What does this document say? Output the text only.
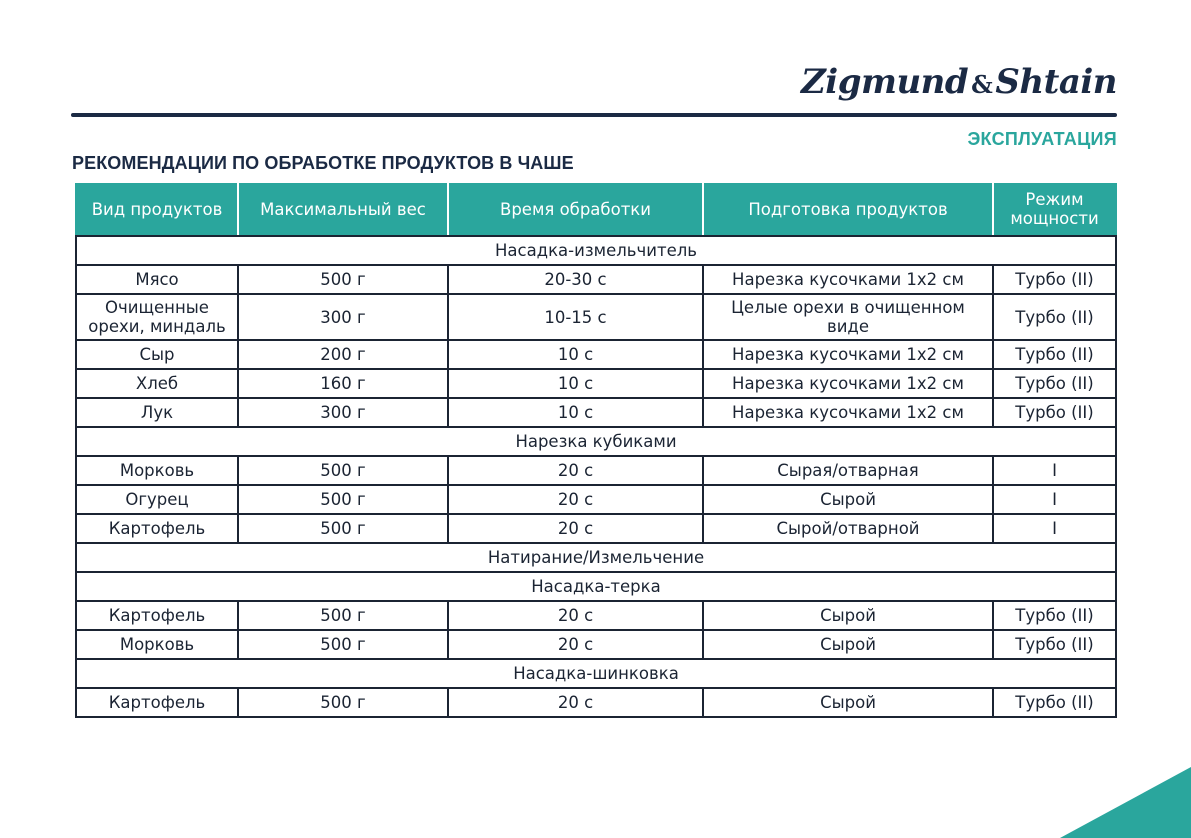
Zigmund &Shtain
ЭКСПЛУАТАЦИЯ
РЕКОМЕНДАЦИИ ПО ОБРАБОТКЕ ПРОДУКТОВ В ЧАШЕ
Вид продуктов	Максимальный вес	Время обработки	Подготовка продуктов	Режим мощности
Насадка-измельчитель				
Мясо	500 г	20-30 с	Нарезка кусочками 1х2 см	Турбо (II)
Очищенные орехи, миндаль	300 г	10-15 с	Целые орехи в очищенном виде	Турбо (II)
Сыр	200 г	10 с	Нарезка кусочками 1х2 см	Турбо (II)
Хлеб	160 г	10 с	Нарезка кусочками 1х2 см	Турбо (II)
Лук	300 г	10 с	Нарезка кусочками 1х2 см	Турбо (II)
Нарезка кубиками				
Морковь	500 г	20 с	Сырая/отварная	I
Огурец	500 г	20 с	Сырой	I
Картофель	500 г	20 с	Сырой/отварной	I
Натирание/Измельчение				
Насадка-терка				
Картофель	500 г	20 с	Сырой	Турбо (II)
Морковь	500 г	20 с	Сырой	Турбо (II)
Насадка-шинковка				
Картофель	500 г	20 с	Сырой	Турбо (II)
